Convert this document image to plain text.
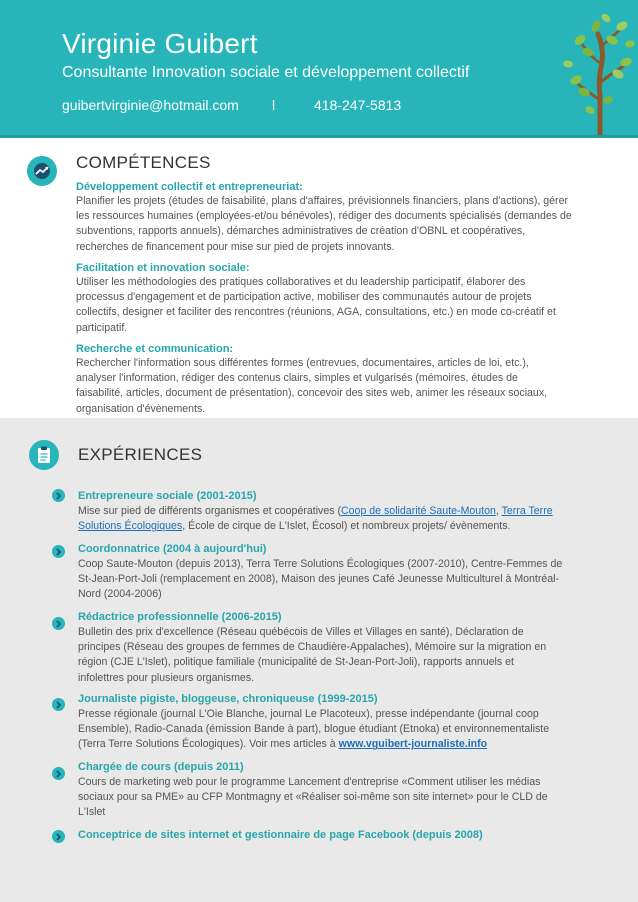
Virginie Guibert
Consultante Innovation sociale et développement collectif
guibertvirginie@hotmail.com	l	418-247-5813
COMPÉTENCES
Développement collectif et entrepreneuriat:
Planifier les projets (études de faisabilité, plans d'affaires, prévisionnels financiers, plans d'actions), gérer
les ressources humaines (employées-et/ou bénévoles), rédiger des documents spécialisés (demandes de
subventions, rapports annuels), démarches administratives de création d'OBNL et coopératives,
recherches de financement pour mise sur pied de projets innovants.
Facilitation et innovation sociale:
Utiliser les méthodologies des pratiques collaboratives et du leadership participatif, élaborer des
processus d'engagement et de participation active, mobiliser des communautés autour de projets
collectifs, designer et faciliter des rencontres (réunions, AGA, consultations, etc.) en mode co-créatif et
participatif.
Recherche et communication:
Rechercher l'information sous différentes formes (entrevues, documentaires, articles de loi, etc.),
analyser l'information, rédiger des contenus clairs, simples et vulgarisés (mémoires, études de
faisabilité, articles, document de présentation), concevoir des sites web, animer les réseaux sociaux,
organisation d'évènements.
EXPÉRIENCES
Entrepreneure sociale (2001-2015)
Mise sur pied de différents organismes et coopératives (Coop de solidarité Saute-Mouton, Terra Terre
Solutions Écologiques, École de cirque de L'Islet, Écosol) et nombreux projets/ évènements.
Coordonnatrice (2004 à aujourd'hui)
Coop Saute-Mouton (depuis 2013), Terra Terre Solutions Écologiques (2007-2010), Centre-Femmes de
St-Jean-Port-Joli (remplacement en 2008), Maison des jeunes Café Jeunesse Multiculturel à Montréal-
Nord (2004-2006)
Rédactrice professionnelle (2006-2015)
Bulletin des prix d'excellence (Réseau québécois de Villes et Villages en santé), Déclaration de
principes (Réseau des groupes de femmes de Chaudière-Appalaches), Mémoire sur la migration en
région (CJE L'Islet), politique familiale (municipalité de St-Jean-Port-Joli), rapports annuels et
infolettres pour plusieurs organismes.
Journaliste pigiste, bloggeuse, chroniqueuse (1999-2015)
Presse régionale (journal L'Oie Blanche, journal Le Placoteux), presse indépendante (journal coop
Ensemble), Radio-Canada (émission Bande à part), blogue étudiant (Etnoka) et environnementaliste
(Terra Terre Solutions Écologiques). Voir mes articles à www.vguibert-journaliste.info
Chargée de cours (depuis 2011)
Cours de marketing web pour le programme Lancement d'entreprise «Comment utiliser les médias
sociaux pour sa PME» au CFP Montmagny et «Réaliser soi-même son site internet» pour le CLD de
L'Islet
Conceptrice de sites internet et gestionnaire de page Facebook (depuis 2008)
